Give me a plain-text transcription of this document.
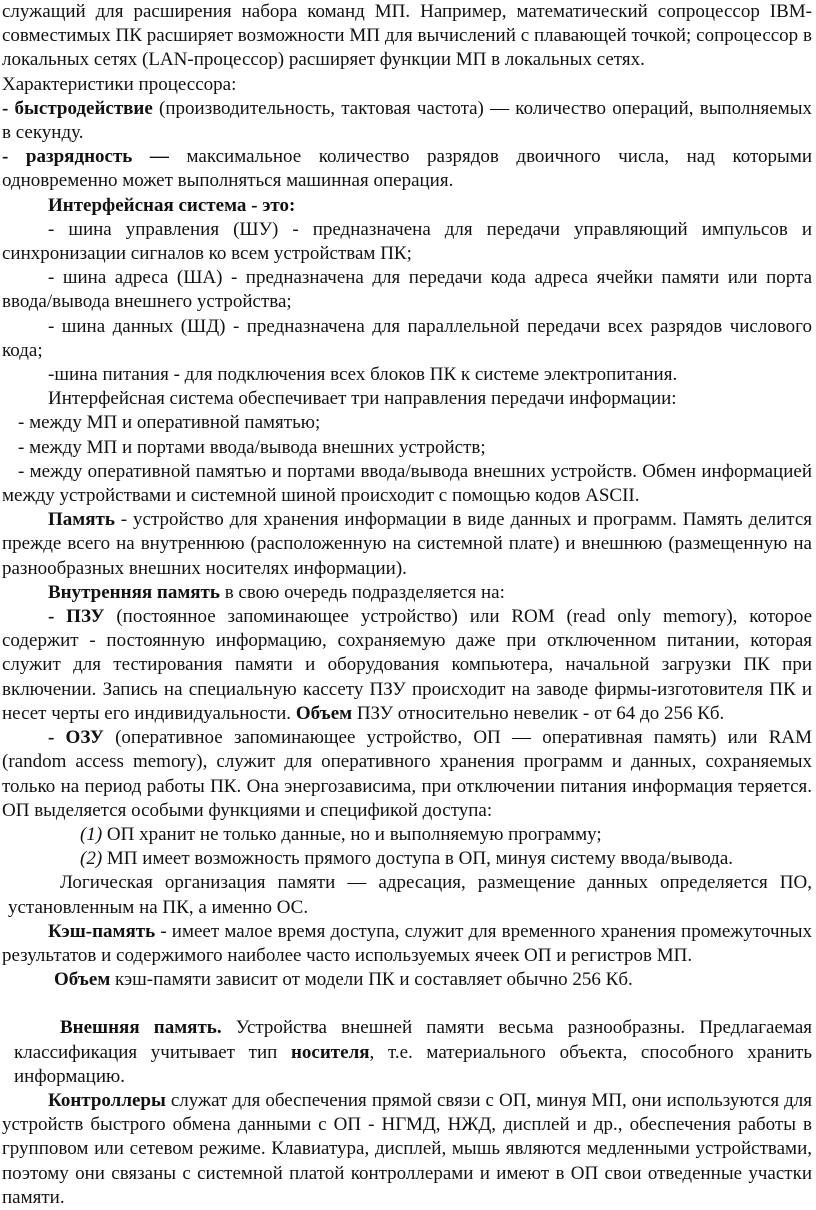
служащий для расширения набора команд МП. Например, математический сопроцессор IBM-совместимых ПК расширяет возможности МП для вычислений с плавающей точкой; сопроцессор в локальных сетях (LAN-процессор) расширяет функции МП в локальных сетях.

Характеристики процессора:

- быстродействие (производительность, тактовая частота) — количество операций, выполняемых в секунду.

- разрядность — максимальное количество разрядов двоичного числа, над которыми одновременно может выполняться машинная операция.

Интерфейсная система - это:

- шина управления (ШУ) - предназначена для передачи управляющий импульсов и синхронизации сигналов ко всем устройствам ПК;

- шина адреса (ША) - предназначена для передачи кода адреса ячейки памяти или порта ввода/вывода внешнего устройства;

- шина данных (ШД) - предназначена для параллельной передачи всех разрядов числового кода;

-шина питания - для подключения всех блоков ПК к системе электропитания.

Интерфейсная система обеспечивает три направления передачи информации:

- между МП и оперативной памятью;

- между МП и портами ввода/вывода внешних устройств;

- между оперативной памятью и портами ввода/вывода внешних устройств. Обмен информацией между устройствами и системной шиной происходит с помощью кодов ASCII.

Память - устройство для хранения информации в виде данных и программ. Память делится прежде всего на внутреннюю (расположенную на системной плате) и внешнюю (размещенную на разнообразных внешних носителях информации).

Внутренняя память в свою очередь подразделяется на:

- ПЗУ (постоянное запоминающее устройство) или ROM (read only memory), которое содержит - постоянную информацию, сохраняемую даже при отключенном питании, которая служит для тестирования памяти и оборудования компьютера, начальной загрузки ПК при включении. Запись на специальную кассету ПЗУ происходит на заводе фирмы-изготовителя ПК и несет черты его индивидуальности. Объем ПЗУ относительно невелик - от 64 до 256 Кб.

- ОЗУ (оперативное запоминающее устройство, ОП — оперативная память) или RAM (random access memory), служит для оперативного хранения программ и данных, сохраняемых только на период работы ПК. Она энергозависима, при отключении питания информация теряется. ОП выделяется особыми функциями и спецификой доступа:

(1) ОП хранит не только данные, но и выполняемую программу;

(2) МП имеет возможность прямого доступа в ОП, минуя систему ввода/вывода.

Логическая организация памяти — адресация, размещение данных определяется ПО, установленным на ПК, а именно ОС.

Кэш-память - имеет малое время доступа, служит для временного хранения промежуточных результатов и содержимого наиболее часто используемых ячеек ОП и регистров МП.

Объем кэш-памяти зависит от модели ПК и составляет обычно 256 Кб.

Внешняя память. Устройства внешней памяти весьма разнообразны. Предлагаемая классификация учитывает тип носителя, т.е. материального объекта, способного хранить информацию.

Контроллеры служат для обеспечения прямой связи с ОП, минуя МП, они используются для устройств быстрого обмена данными с ОП - НГМД, НЖД, дисплей и др., обеспечения работы в групповом или сетевом режиме. Клавиатура, дисплей, мышь являются медленными устройствами, поэтому они связаны с системной платой контроллерами и имеют в ОП свои отведенные участки памяти.
